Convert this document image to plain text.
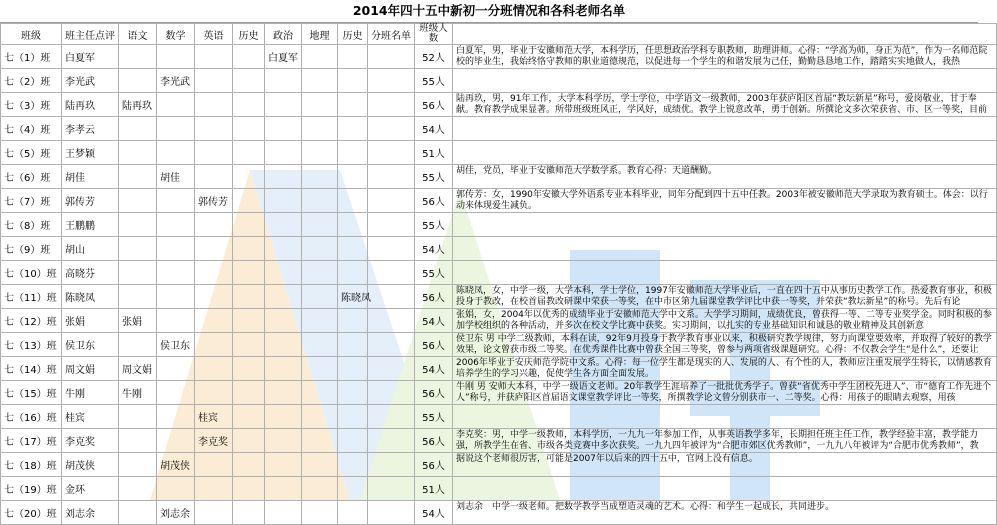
2014年四十五中新初一分班情况和各科老师名单
班级	班主任点评	语文	数学	英语	历史	政治	地理	历史	分班名单	班级人数	
七（1）班	白夏军					白夏军				52人	白夏军，男，毕业于安徽师范大学，本科学历，任思想政治学科专职教师，助理讲师。心得：“学高为师，身正为范”，作为一名师范院校的毕业生，我始终恪守教师的职业道德规范，以促进每一个学生的和谐发展为己任，勤勤恳恳地工作，踏踏实实地做人，我热
七（2）班	李光武		李光武							55人	
七（3）班	陆再玖	陆再玖								56人	陆再玖，男，91年工作，大学本科学历，学士学位，中学语文一级教师，2003年获庐阳区首届“教坛新星”称号，爱岗敬业，甘于奉献。教育教学成果显著。所带班级班风正，学风好，成绩优。教学上锐意改革，勇于创新。所撰论文多次荣获省、市、区一等奖，目前
七（4）班	李孝云									54人	
七（5）班	王梦颖									51人	
七（6）班	胡佳		胡佳							55人	胡佳，党员，毕业于安徽师范大学数学系。教育心得：天道酬勤。
七（7）班	郭传芳			郭传芳						56人	郭传芳：女，1990年安徽大学外语系专业本科毕业，同年分配到四十五中任教。2003年被安徽师范大学录取为教育硕士。体会：以行动来体现爱生减负。
七（8）班	王鹏鹏									55人	
七（9）班	胡山									54人	
七（10）班	高晓芬									55人	
七（11）班	陈晓凤							陈晓凤		56人	陈晓凤，女，中学一级，大学本科，学士学位，1997年安徽师范大学毕业后，一直在四十五中从事历史教学工作。热爱教育事业，积极投身于教改，在校首届教改研课中荣获一等奖，在中市区第九届课堂教学评比中获一等奖，并荣获“教坛新星”的称号。先后有论
七（12）班	张娟	张娟								54人	张娟，女，2004年以优秀的成绩毕业于安徽师范大学中文系。大学学习期间，成绩优良，曾获得一等、二等专业奖学金。同时积极的参加学校组织的各种活动，并多次在校文学比赛中获奖。实习期间，以扎实的专业基础知识和诚恳的敬业精神及其创新意
七（13）班	侯卫东		侯卫东							56人	侯卫东 男 中学二级教师，本科在读，92年9月投身于教学教育事业以来，积极研究教学规律，努力向课堂要效率，并取得了较好的教学效果，论文曾获市级二等奖。在优秀课件比赛中曾获全国三等奖，曾参与两项省级课题研究。心得：不仅教会学生“是什么”，还要让
七（14）班	周文娟	周文娟								54人	2006年毕业于安庆师范学院中文系。心得：每一位学生都是现实的人、发展的人、有个性的人，教师应注重发展学生特长，以情感教育培养学生的学习兴趣，促使学生各方面全面发展。
七（15）班	牛刚	牛刚								56人	牛刚 男 安师大本科，中学一级语文老师。20年教学生涯培养了一批批优秀学子。曾获“省优秀中学生团校先进人”、市“德育工作先进个人”称号，并获庐阳区首届语文课堂教学评比一等奖，所撰教学论文曾分别获市一、二等奖。心得：用孩子的眼睛去观察，用孩
七（16）班	桂宾			桂宾						55人	
七（17）班	李克奖			李克奖						56人	李克奖：男，中学一级教师，本科学历，一九九一年参加工作，从事英语教学多年，长期担任班主任工作，教学经验丰富，教学能力强，所教学生在省、市级各类竞赛中多次获奖。一九九四年被评为“合肥市郊区优秀教师”，一九九八年被评为“合肥市优秀教师”，教
七（18）班	胡茂侠		胡茂侠							56人	据说这个老师很厉害，可能是2007年以后来的四十五中，官网上没有信息。
七（19）班	金环									51人	
七（20）班	刘志余		刘志余							54人	刘志余　中学一级老师。把数学教学当成塑造灵魂的艺术。心得：和学生一起成长，共同进步。
